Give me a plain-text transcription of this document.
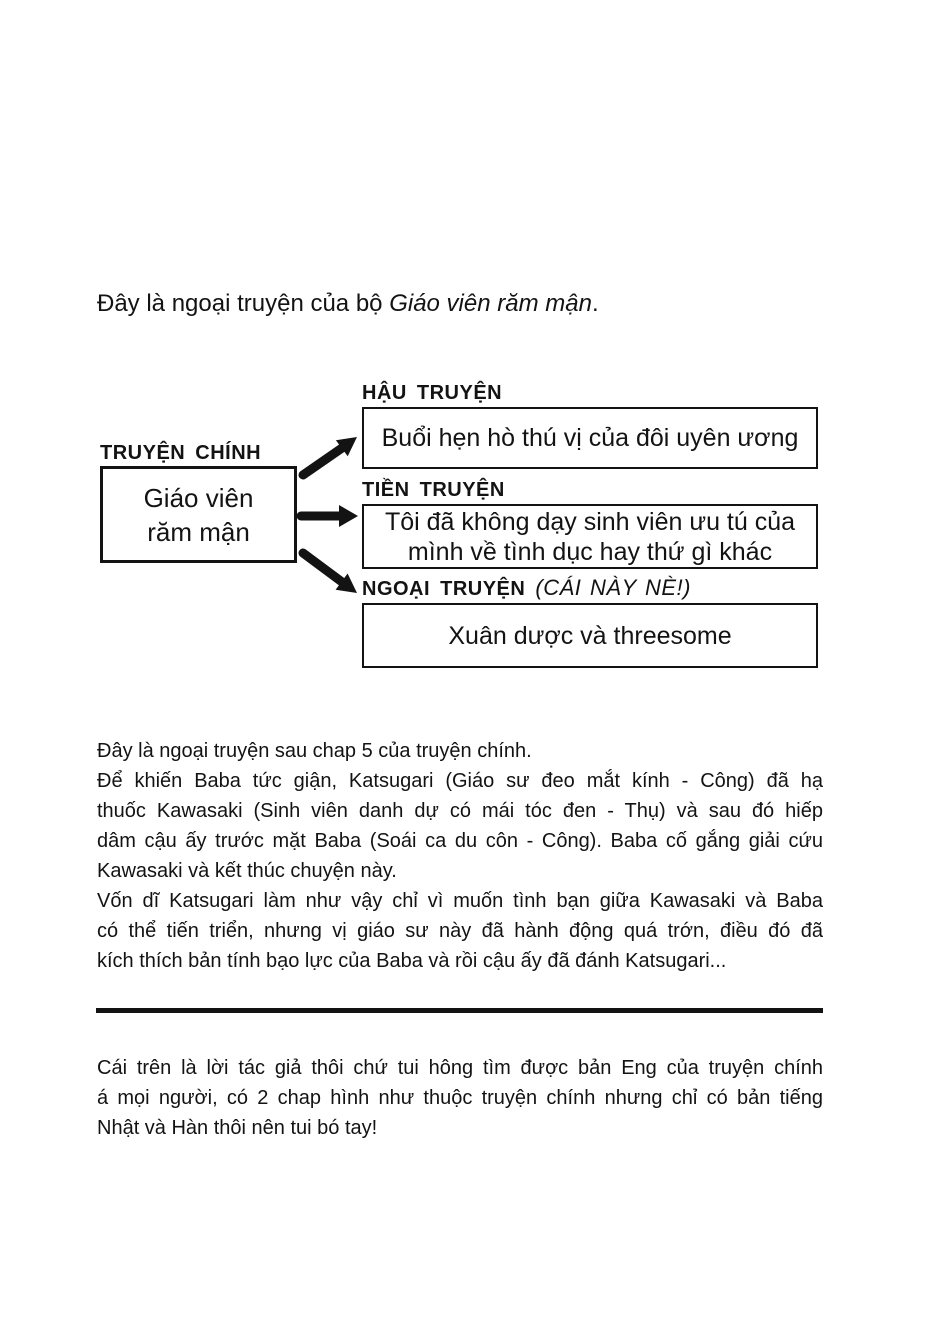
Đây là ngoại truyện của bộ Giáo viên răm mận.
TRUYỆN CHÍNH
Giáo viên
răm mận
HẬU TRUYỆN
Buổi hẹn hò thú vị của đôi uyên ương
TIỀN TRUYỆN
Tôi đã không dạy sinh viên ưu tú của
mình về tình dục hay thứ gì khác
NGOẠI TRUYỆN (CÁI NÀY NÈ!)
Xuân dược và threesome
Đây là ngoại truyện sau chap 5 của truyện chính.
Để khiến Baba tức giận, Katsugari (Giáo sư đeo mắt kính - Công) đã hạ
thuốc Kawasaki (Sinh viên danh dự có mái tóc đen - Thụ) và sau đó hiếp
dâm cậu ấy trước mặt Baba (Soái ca du côn - Công). Baba cố gắng giải cứu
Kawasaki và kết thúc chuyện này.
Vốn dĩ Katsugari làm như vậy chỉ vì muốn tình bạn giữa Kawasaki và Baba
có thể tiến triển, nhưng vị giáo sư này đã hành động quá trớn, điều đó đã
kích thích bản tính bạo lực của Baba và rồi cậu ấy đã đánh Katsugari...
Cái trên là lời tác giả thôi chứ tui hông tìm được bản Eng của truyện chính
á mọi người, có 2 chap hình như thuộc truyện chính nhưng chỉ có bản tiếng
Nhật và Hàn thôi nên tui bó tay!
